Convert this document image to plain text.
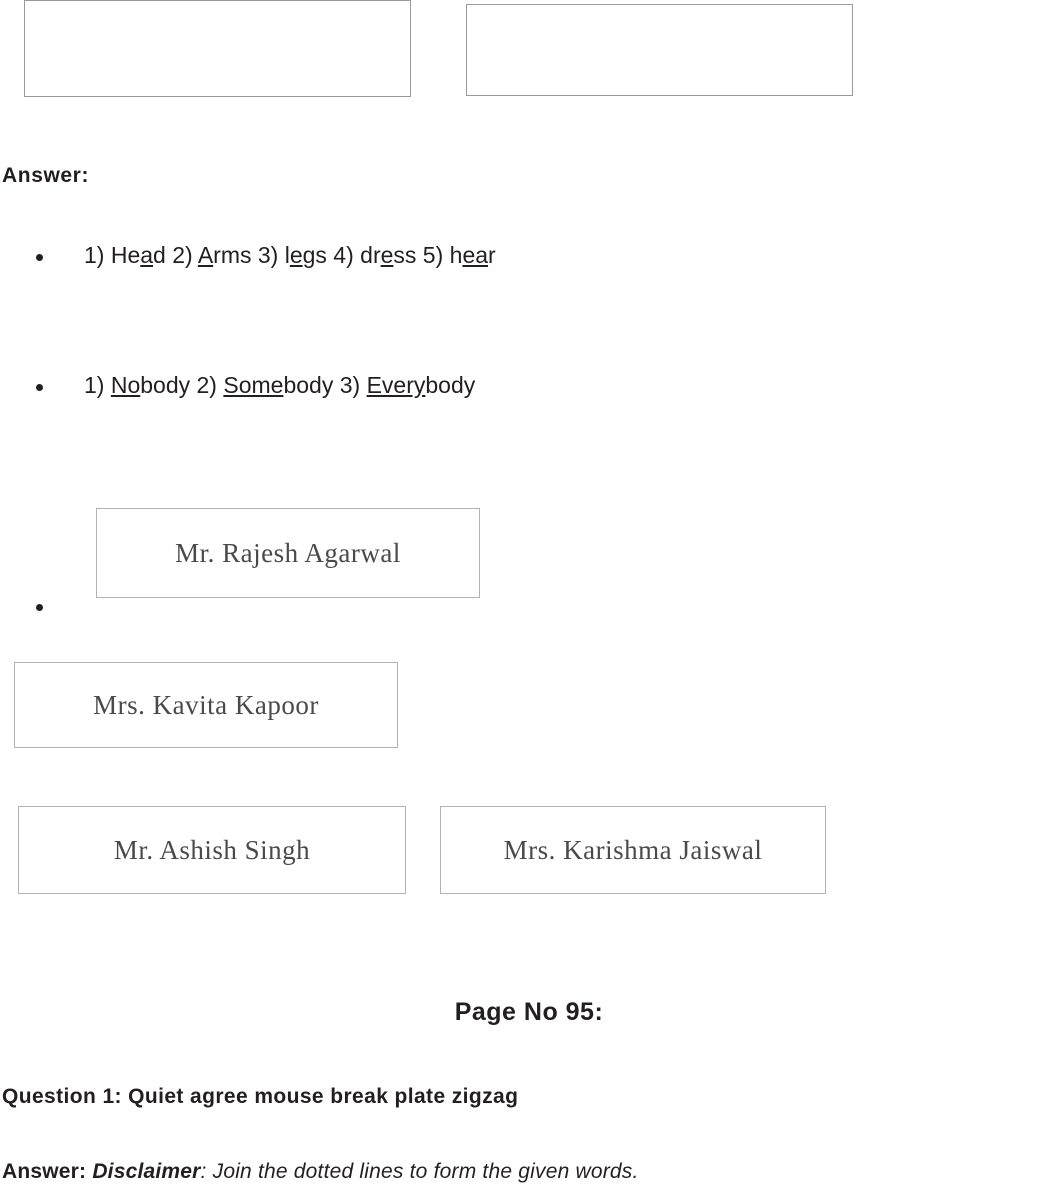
Answer:
1) Head 2) Arms 3) legs 4) dress 5) hear
1) Nobody 2) Somebody 3) Everybody
Mr. Rajesh Agarwal
Mrs. Kavita Kapoor
Mr. Ashish Singh	Mrs. Karishma Jaiswal
Page No 95:
Question 1: Quiet agree mouse break plate zigzag
Answer: Disclaimer: Join the dotted lines to form the given words.
